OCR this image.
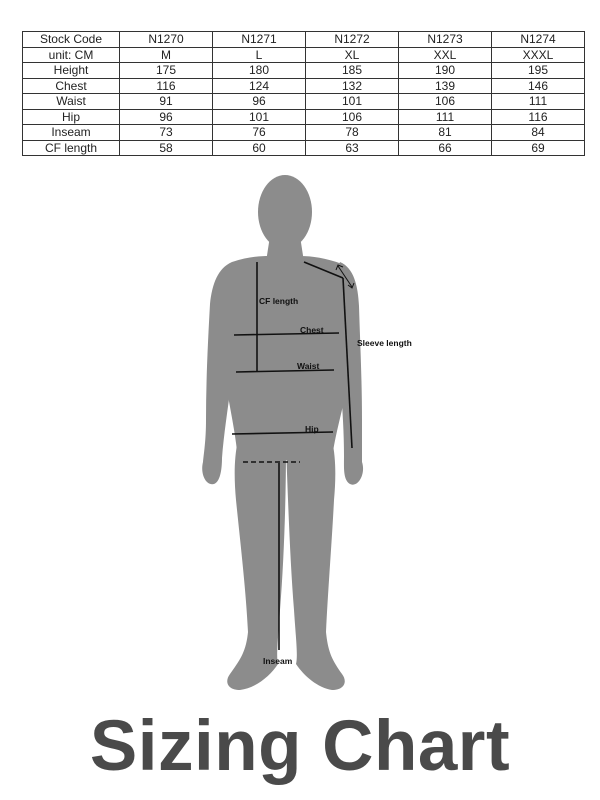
Stock Code	N1270	N1271	N1272	N1273	N1274
unit: CM	M	L	XL	XXL	XXXL
Height	175	180	185	190	195
Chest	116	124	132	139	146
Waist	91	96	101	106	111
Hip	96	101	106	111	116
Inseam	73	76	78	81	84
CF length	58	60	63	66	69
CF length
Chest
Waist
Hip
Sleeve length
Inseam
Sizing Chart
